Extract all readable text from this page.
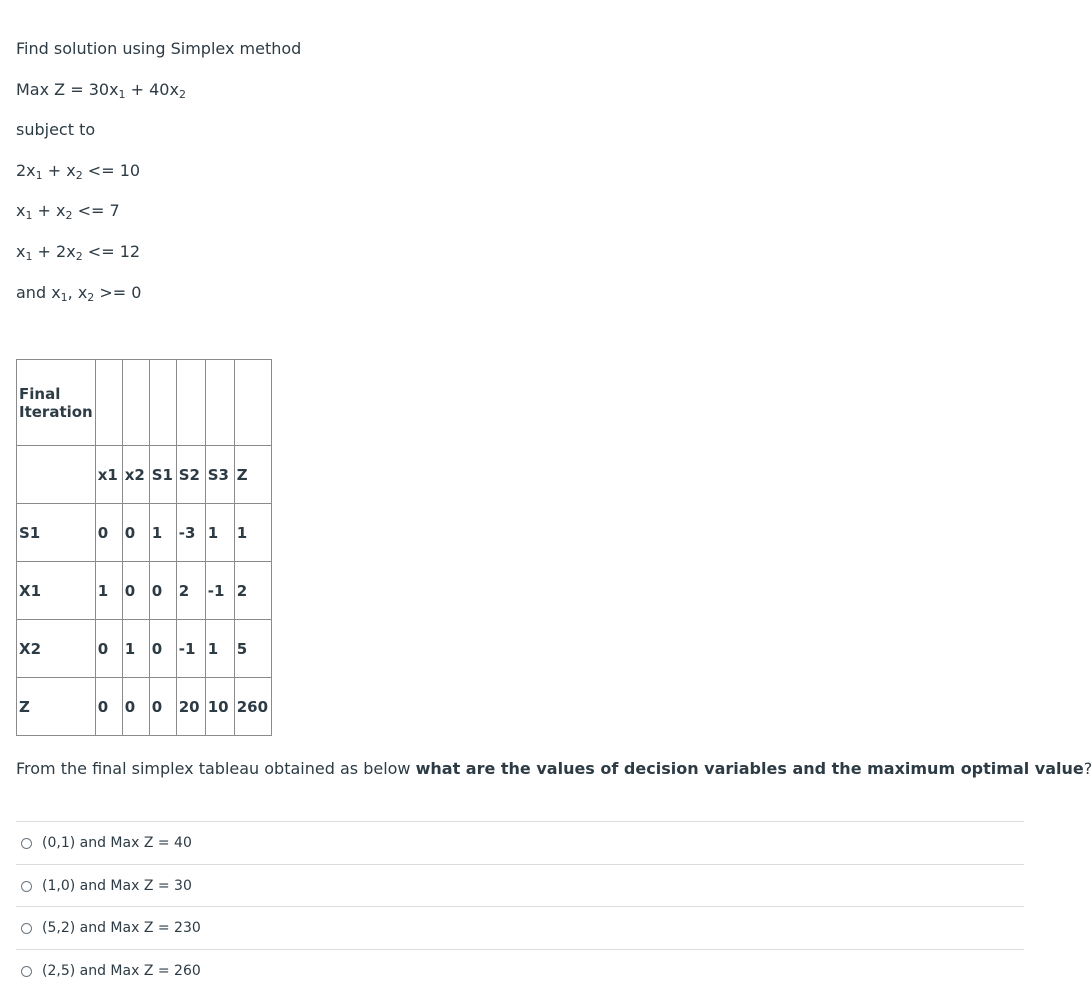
Find solution using Simplex method
Max $Z = 30x_1 + 40x_2$
subject to
$2x_1 + x_2 <= 10$
$x_1 + x_2 <= 7$
$x_1 + 2x_2 <= 12$
and $x_1$, $x_2 >= 0$
Final
Iteration						
	x1	x2	S1	S2	S3	Z
S1	0	0	1	-3	1	1
X1	1	0	0	2	-1	2
X2	0	1	0	-1	1	5
Z	0	0	0	20	10	260
From the final simplex tableau obtained as below what are the values of decision variables and the maximum optimal value?
(0,1) and Max Z = 40
(1,0) and Max Z = 30
(5,2) and Max Z = 230
(2,5) and Max Z = 260
